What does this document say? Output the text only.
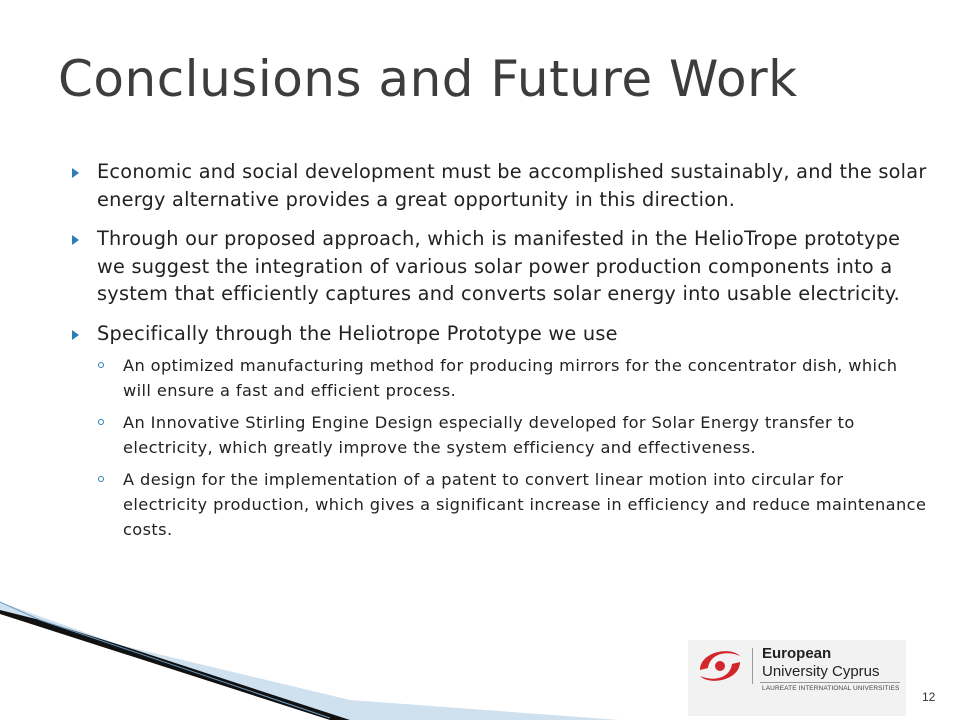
Conclusions and Future Work
Economic and social development must be accomplished sustainably, and the solar energy alternative provides a great opportunity in this direction.
Through our proposed approach, which is manifested in the HelioTrope prototype we suggest the integration of various solar power production components into a system that efficiently captures and converts solar energy into usable electricity.
Specifically through the Heliotrope Prototype we use
An optimized manufacturing method for producing mirrors for the concentrator dish, which will ensure a fast and efficient process.
An Innovative Stirling Engine Design especially developed for Solar Energy transfer to electricity, which greatly improve the system efficiency and effectiveness.
A design for the implementation of a patent to convert linear motion into circular for electricity production, which gives a significant increase in efficiency and reduce maintenance costs.
European
University Cyprus
LAUREATE INTERNATIONAL UNIVERSITIES
12
